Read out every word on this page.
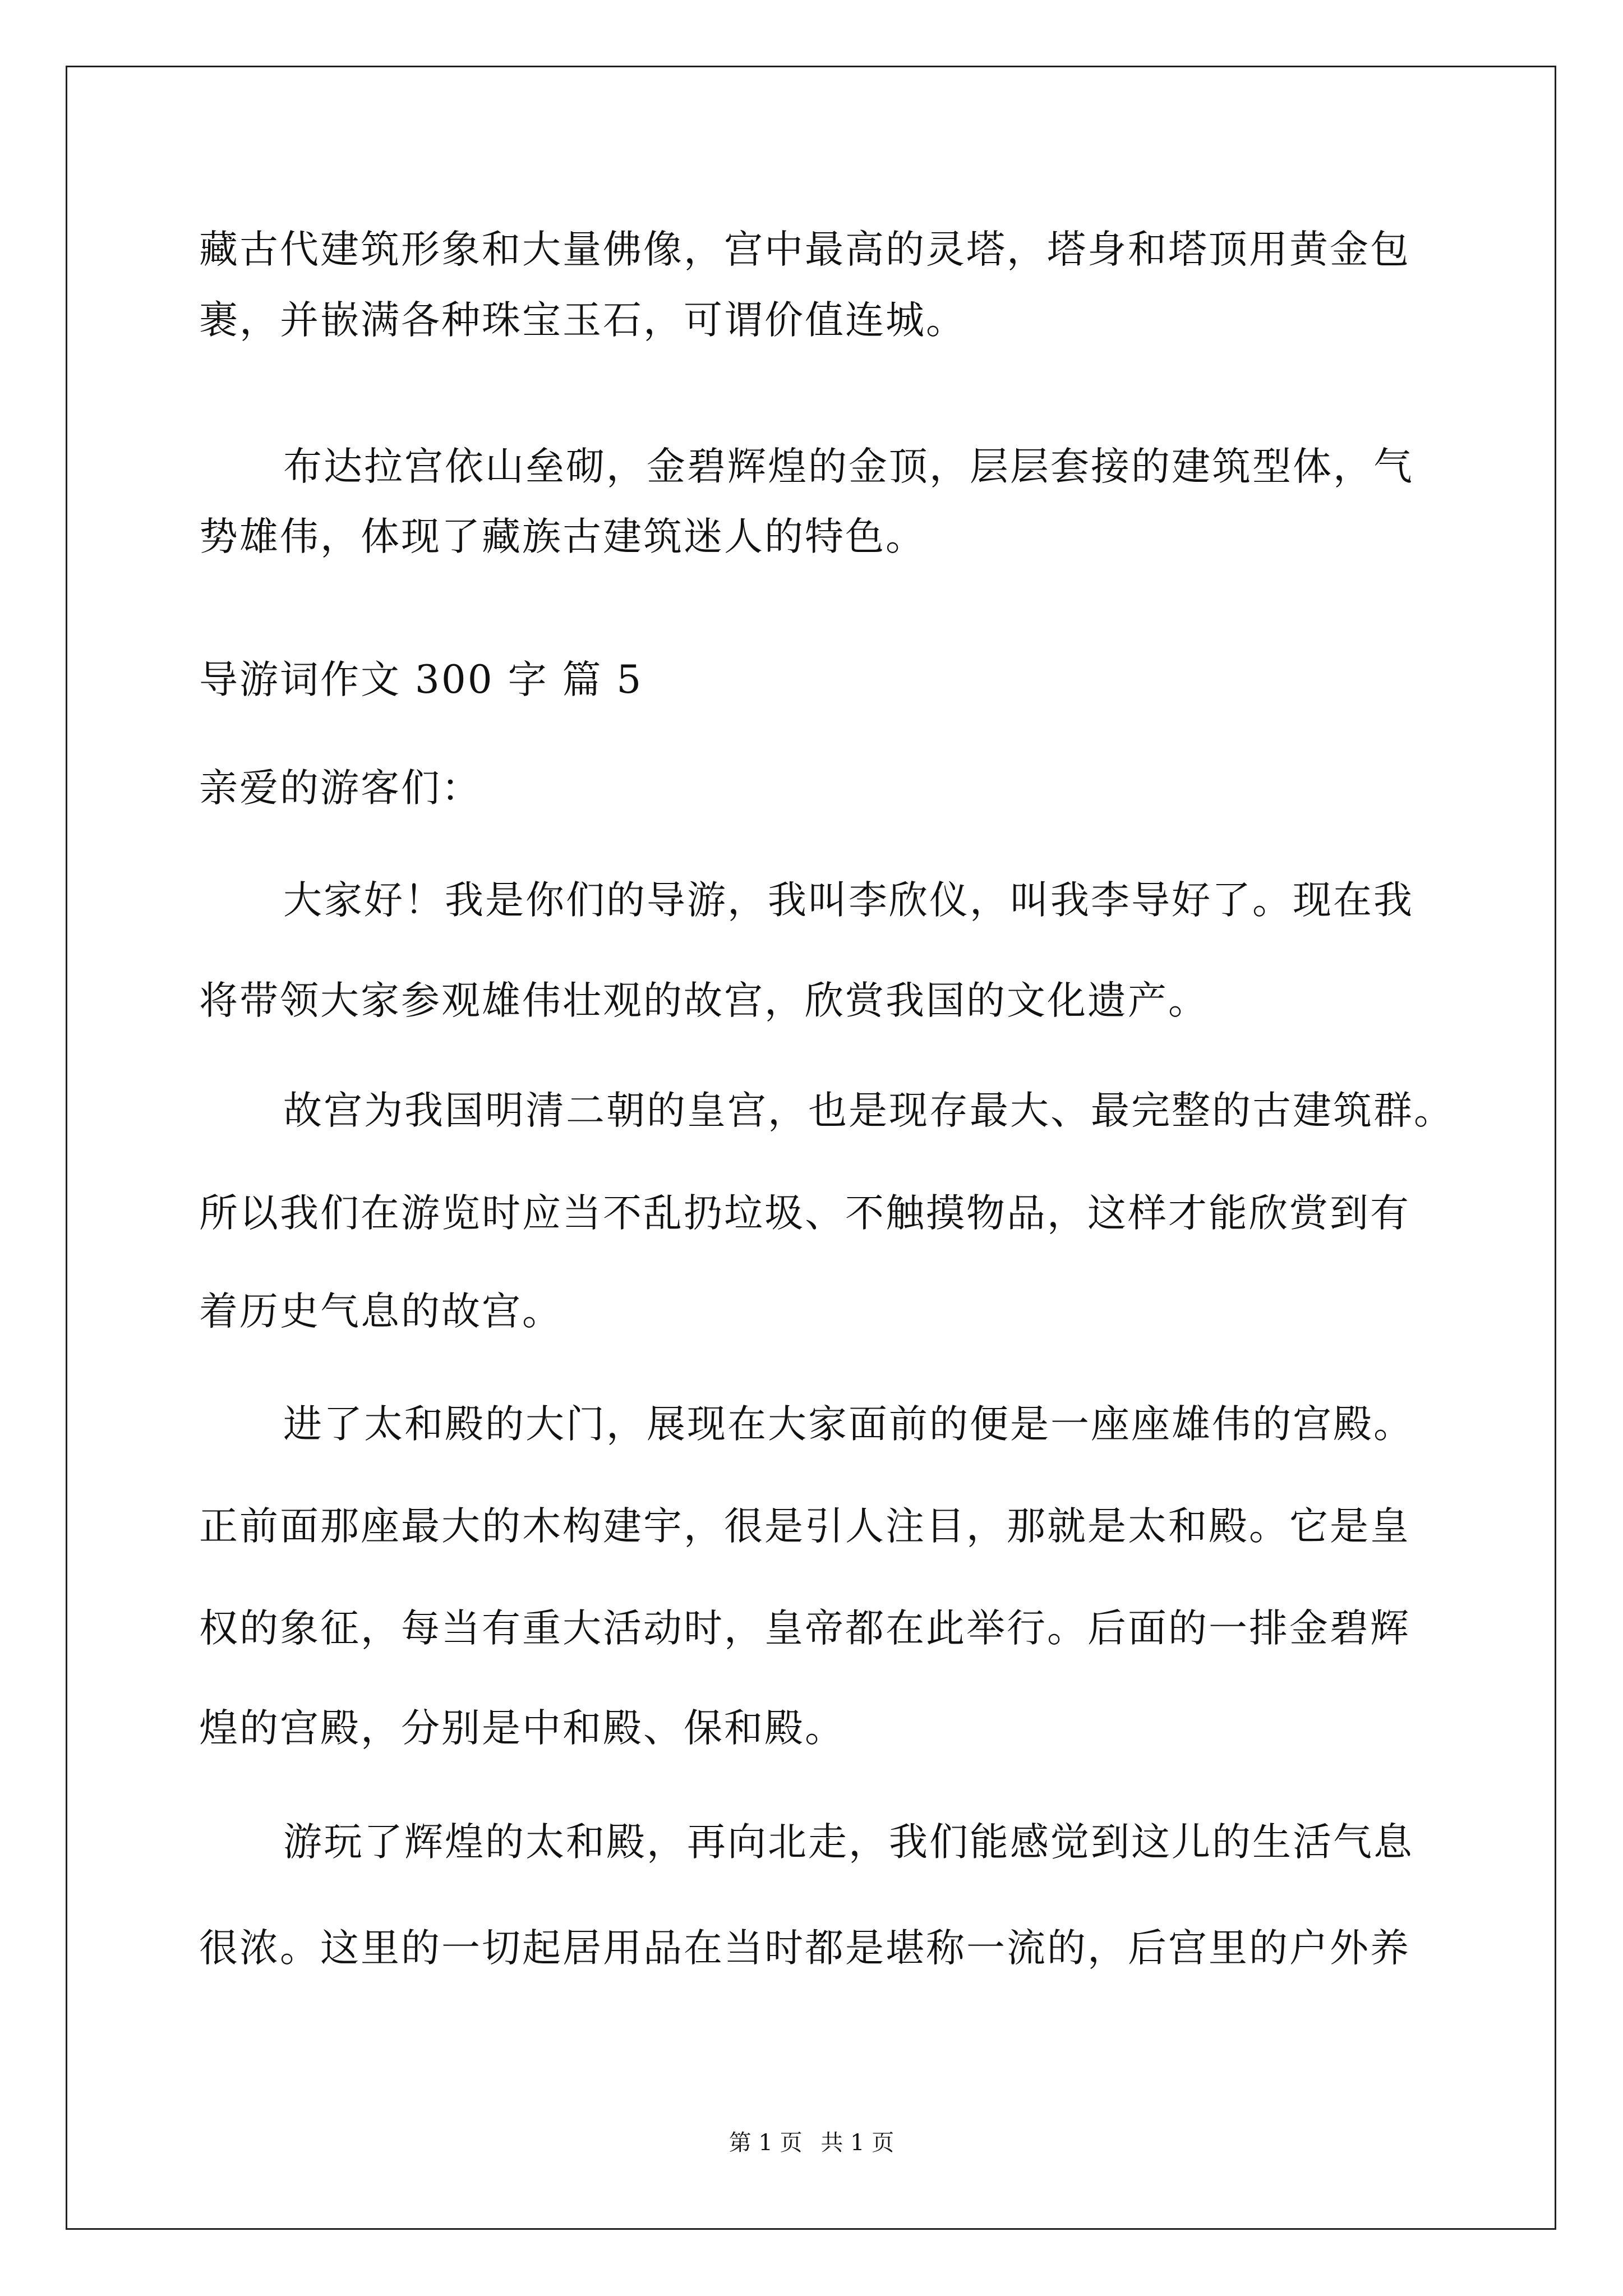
藏古代建筑形象和大量佛像，宫中最高的灵塔，塔身和塔顶用黄金包
裹，并嵌满各种珠宝玉石，可谓价值连城。
布达拉宫依山垒砌，金碧辉煌的金顶，层层套接的建筑型体，气
势雄伟，体现了藏族古建筑迷人的特色。
导游词作文 300 字 篇 5
亲爱的游客们：
大家好！我是你们的导游，我叫李欣仪，叫我李导好了。现在我
将带领大家参观雄伟壮观的故宫，欣赏我国的文化遗产。
故宫为我国明清二朝的皇宫，也是现存最大、最完整的古建筑群。
所以我们在游览时应当不乱扔垃圾、不触摸物品，这样才能欣赏到有
着历史气息的故宫。
进了太和殿的大门，展现在大家面前的便是一座座雄伟的宫殿。
正前面那座最大的木构建宇，很是引人注目，那就是太和殿。它是皇
权的象征，每当有重大活动时，皇帝都在此举行。后面的一排金碧辉
煌的宫殿，分别是中和殿、保和殿。
游玩了辉煌的太和殿，再向北走，我们能感觉到这儿的生活气息
很浓。这里的一切起居用品在当时都是堪称一流的，后宫里的户外养
第 1 页 共 1 页
